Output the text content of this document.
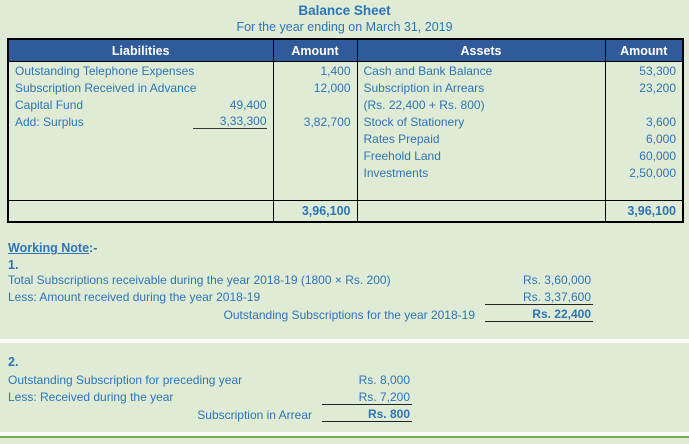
Balance Sheet
For the year ending on March 31, 2019
Liabilities	Amount	Assets	Amount

Outstanding Telephone Expenses	1,400	Cash and Bank Balance	53,300

Subscription Received in Advance	12,000	Subscription in Arrears	23,200

Capital Fund 49,400		(Rs. 22,400 + Rs. 800)	

Add: Surplus 3,33,300	3,82,700	Stock of Stationery	3,600

		Rates Prepaid	6,000

		Freehold Land	60,000

		Investments	2,50,000

	3,96,100		3,96,100
Working Note:-
1.
Total Subscriptions receivable during the year 2018-19 (1800 × Rs. 200)	Rs. 3,60,000
Less: Amount received during the year 2018-19	Rs. 3,37,600
Outstanding Subscriptions for the year 2018-19	Rs. 22,400
2.
Outstanding Subscription for preceding year	Rs. 8,000
Less: Received during the year	Rs. 7,200
Subscription in Arrear	Rs. 800
